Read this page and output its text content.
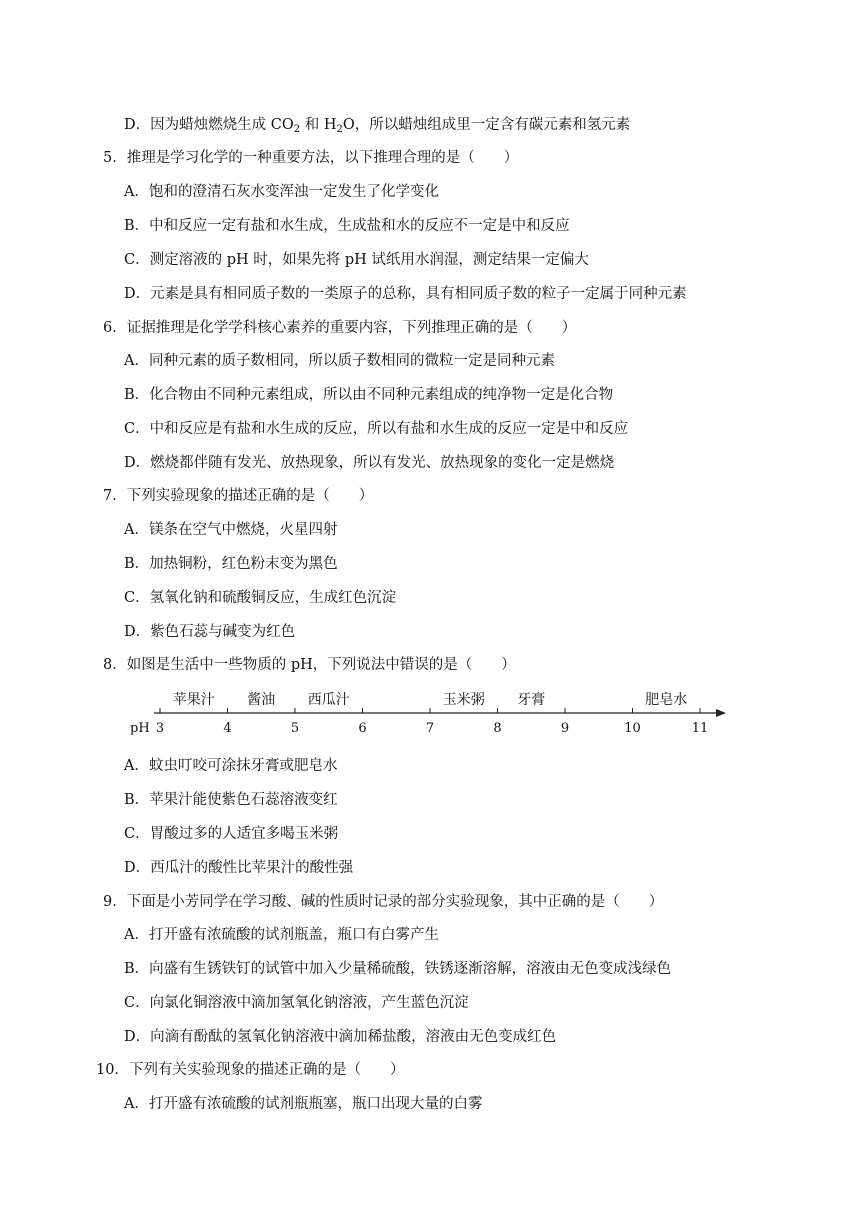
D．因为蜡烛燃烧生成 $CO_2$ 和 $H_2O$，所以蜡烛组成里一定含有碳元素和氢元素
5．推理是学习化学的一种重要方法，以下推理合理的是（　　）
A．饱和的澄清石灰水变浑浊一定发生了化学变化
B．中和反应一定有盐和水生成，生成盐和水的反应不一定是中和反应
C．测定溶液的 pH 时，如果先将 pH 试纸用水润湿，测定结果一定偏大
D．元素是具有相同质子数的一类原子的总称，具有相同质子数的粒子一定属于同种元素
6．证据推理是化学学科核心素养的重要内容，下列推理正确的是（　　）
A．同种元素的质子数相同，所以质子数相同的微粒一定是同种元素
B．化合物由不同种元素组成，所以由不同种元素组成的纯净物一定是化合物
C．中和反应是有盐和水生成的反应，所以有盐和水生成的反应一定是中和反应
D．燃烧都伴随有发光、放热现象，所以有发光、放热现象的变化一定是燃烧
7．下列实验现象的描述正确的是（　　）
A．镁条在空气中燃烧，火星四射
B．加热铜粉，红色粉末变为黑色
C．氢氧化钠和硫酸铜反应，生成红色沉淀
D．紫色石蕊与碱变为红色
8．如图是生活中一些物质的 pH，下列说法中错误的是（　　）
苹果汁 酱油 西瓜汁	玉米粥 牙膏	肥皂水
3	4	5	6	7	8	9	10	11
pH
A．蚊虫叮咬可涂抹牙膏或肥皂水
B．苹果汁能使紫色石蕊溶液变红
C．胃酸过多的人适宜多喝玉米粥
D．西瓜汁的酸性比苹果汁的酸性强
9．下面是小芳同学在学习酸、碱的性质时记录的部分实验现象，其中正确的是（　　）
A．打开盛有浓硫酸的试剂瓶盖，瓶口有白雾产生
B．向盛有生锈铁钉的试管中加入少量稀硫酸，铁锈逐渐溶解，溶液由无色变成浅绿色
C．向氯化铜溶液中滴加氢氧化钠溶液，产生蓝色沉淀
D．向滴有酚酞的氢氧化钠溶液中滴加稀盐酸，溶液由无色变成红色
10．下列有关实验现象的描述正确的是（　　）
A．打开盛有浓硫酸的试剂瓶瓶塞，瓶口出现大量的白雾
